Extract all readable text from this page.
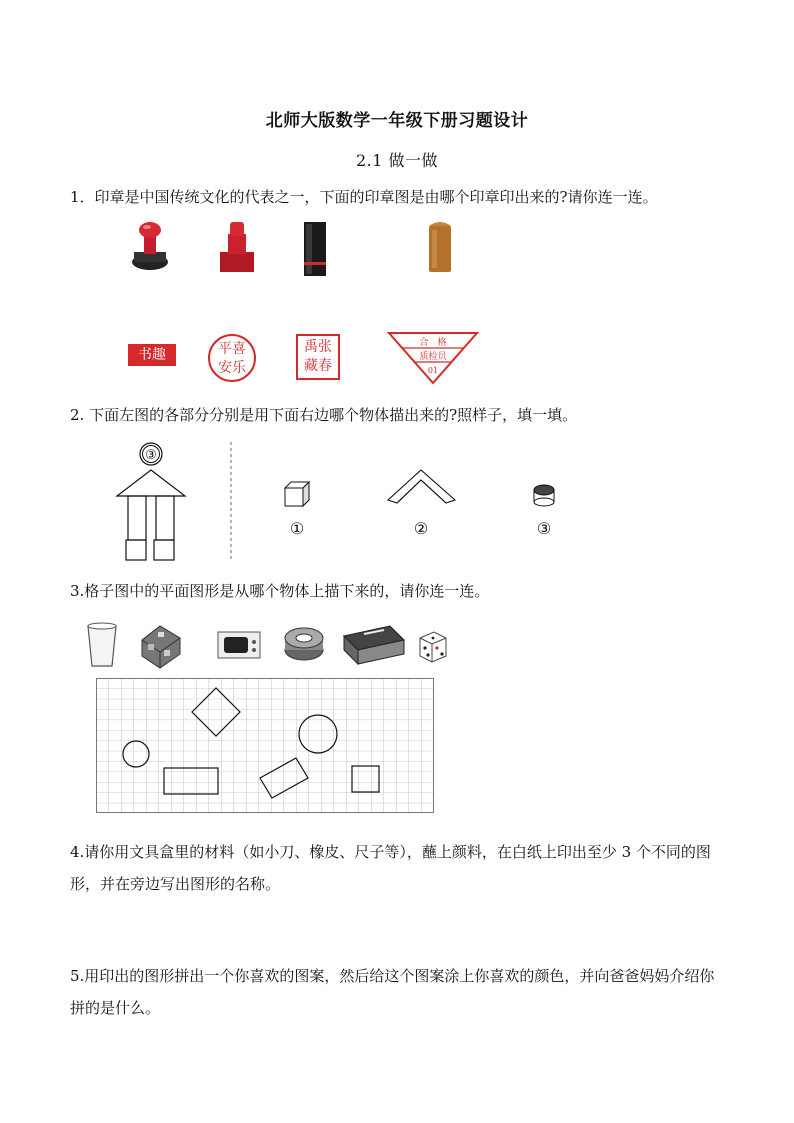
北师大版数学一年级下册习题设计
2.1 做一做
1．印章是中国传统文化的代表之一，下面的印章图是由哪个印章印出来的?请你连一连。
书趣	平喜
安乐
禹张
藏春
合　格
质检员
01
2. 下面左图的各部分分别是用下面右边哪个物体描出来的?照样子，填一填。
③
①	②	③
3.格子图中的平面图形是从哪个物体上描下来的，请你连一连。
4.请你用文具盒里的材料（如小刀、橡皮、尺子等），蘸上颜料，在白纸上印出至少 3 个不同的图形，并在旁边写出图形的名称。
5.用印出的图形拼出一个你喜欢的图案，然后给这个图案涂上你喜欢的颜色，并向爸爸妈妈介绍你拼的是什么。
